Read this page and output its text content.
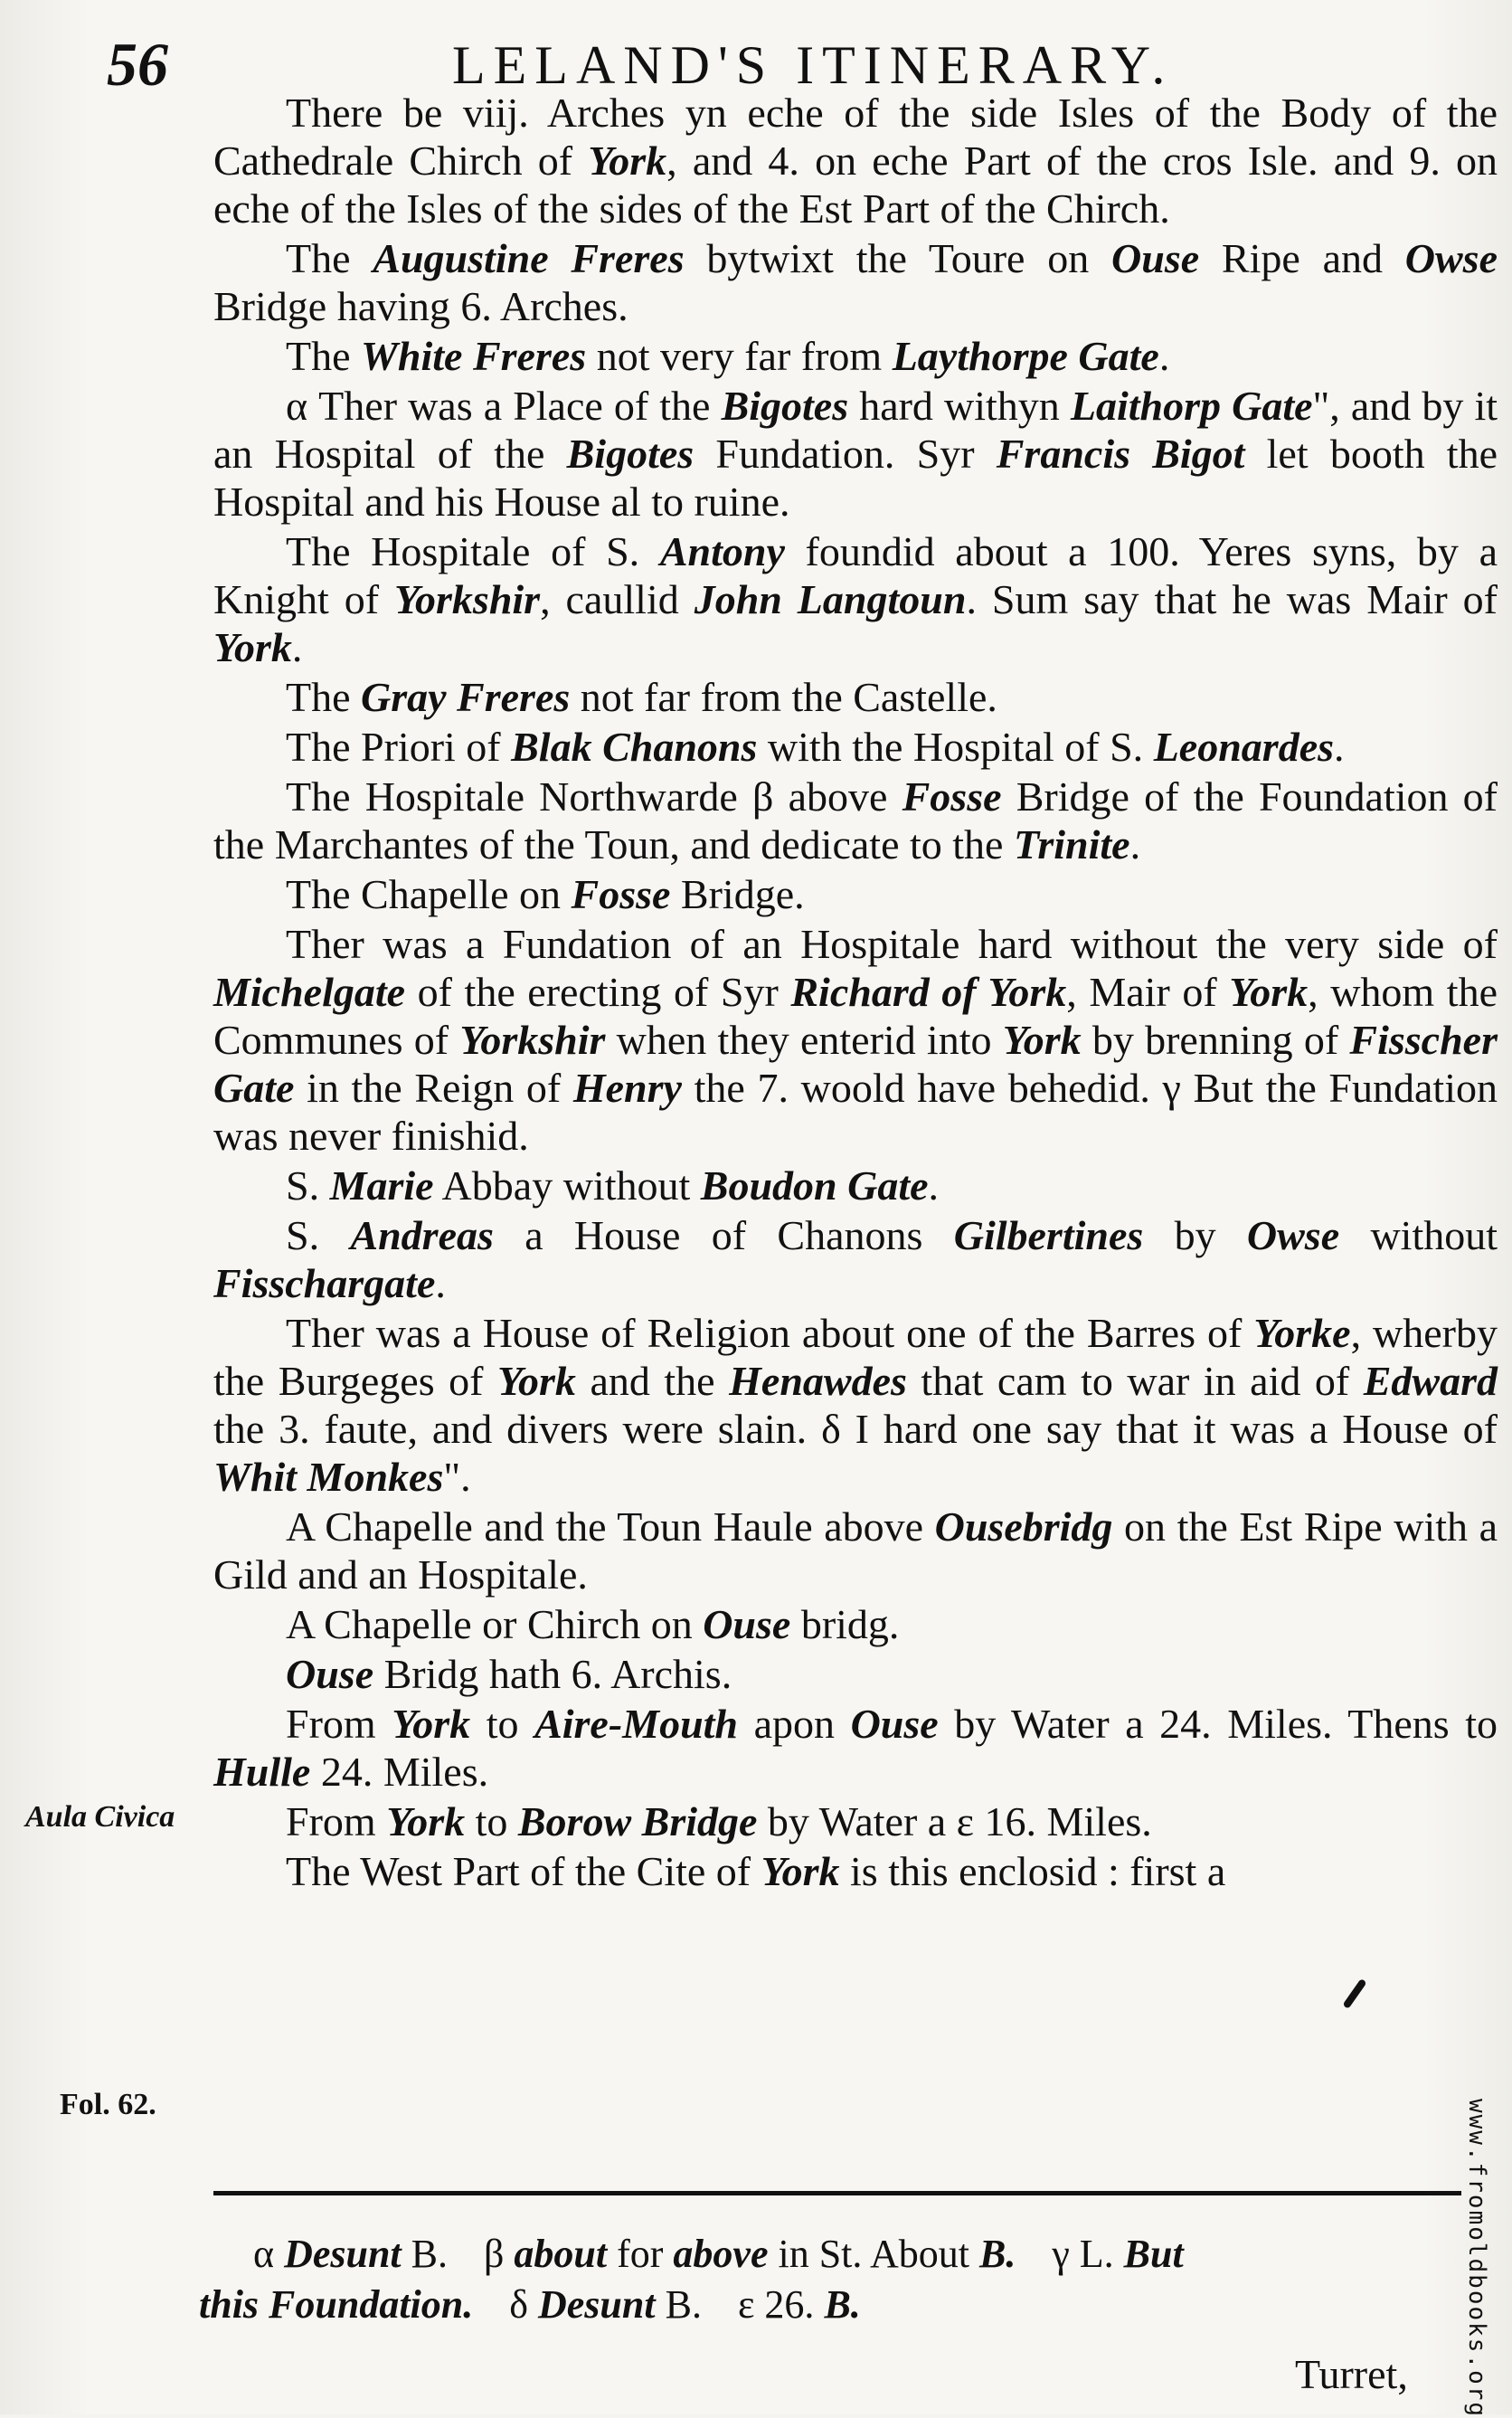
56	LELAND'S ITINERARY.

There be viij. Arches yn eche of the side Isles of the Body of the Cathedrale Chirch of York, and 4. on eche Part of the cros Isle. and 9. on eche of the Isles of the sides of the Est Part of the Chirch.

The Augustine Freres bytwixt the Toure on Ouse Ripe and Owse Bridge having 6. Arches.

The White Freres not very far from Laythorpe Gate.

α Ther was a Place of the Bigotes hard withyn Laithorp Gate", and by it an Hospital of the Bigotes Fundation. Syr Francis Bigot let booth the Hospital and his House al to ruine.

The Hospitale of S. Antony foundid about a 100. Yeres syns, by a Knight of Yorkshir, caullid John Langtoun. Sum say that he was Mair of York.

The Gray Freres not far from the Castelle.

The Priori of Blak Chanons with the Hospital of S. Leonardes.

The Hospitale Northwarde β above Fosse Bridge of the Foundation of the Marchantes of the Toun, and dedicate to the Trinite.

The Chapelle on Fosse Bridge.

Ther was a Fundation of an Hospitale hard without the very side of Michelgate of the erecting of Syr Richard of York, Mair of York, whom the Communes of Yorkshir when they enterid into York by brenning of Fisscher Gate in the Reign of Henry the 7. woold have behedid. γ But the Fundation was never finishid.

S. Marie Abbay without Boudon Gate.

S. Andreas a House of Chanons Gilbertines by Owse without Fisschargate.

Ther was a House of Religion about one of the Barres of Yorke, wherby the Burgeges of York and the Henawdes that cam to war in aid of Edward the 3. faute, and divers were slain. δ I hard one say that it was a House of Whit Monkes".

A Chapelle and the Toun Haule above Ousebridg on the Est Ripe with a Gild and an Hospitale.

A Chapelle or Chirch on Ouse bridg.

Ouse Bridg hath 6. Archis.

From York to Aire-Mouth apon Ouse by Water a 24. Miles. Thens to Hulle 24. Miles.

From York to Borow Bridge by Water a ε 16. Miles.

The West Part of the Cite of York is this enclosid : first a

Aula Civica
Fol. 62.
α Desunt B. β about for above in St. About B. γ L. But
this Foundation. δ Desunt B. ε 26. B.
Turret, www.fromoldbooks.org
